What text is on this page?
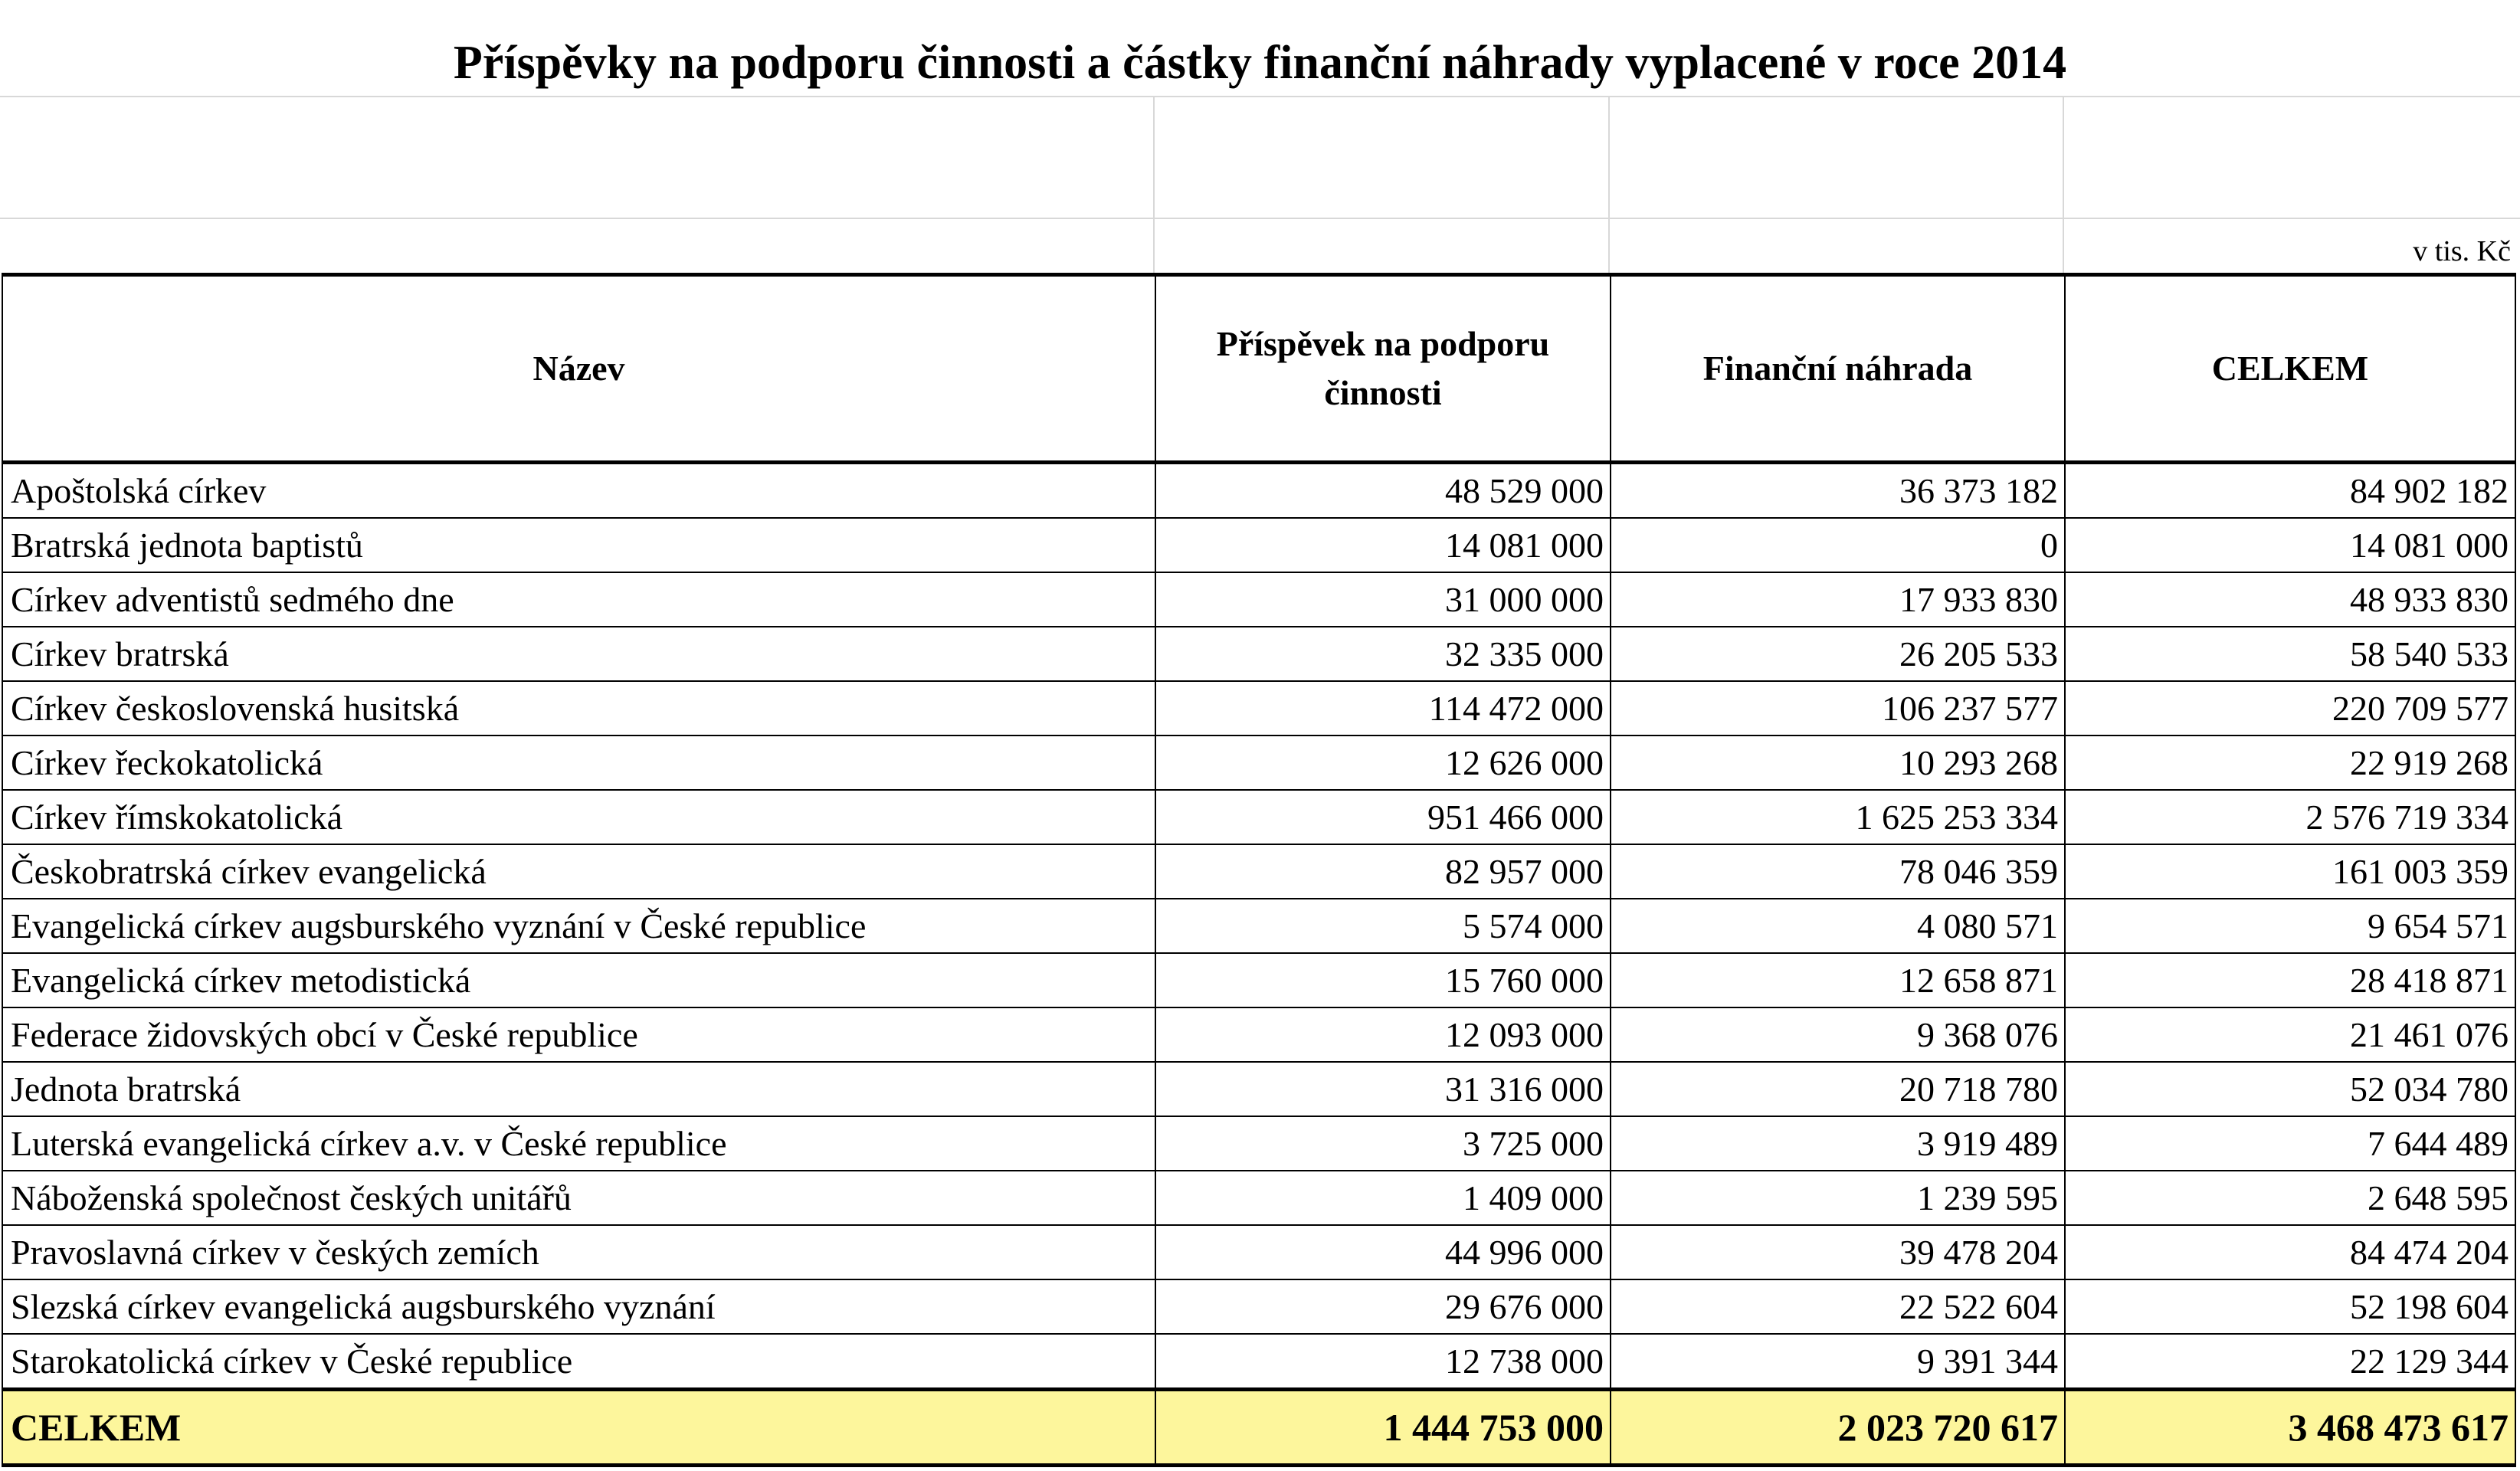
Příspěvky na podporu činnosti a částky finanční náhrady vyplacené v roce 2014
v tis. Kč
Název	Příspěvek na podporu činnosti	Finanční náhrada	CELKEM
Apoštolská církev	48 529 000	36 373 182	84 902 182
Bratrská jednota baptistů	14 081 000	0	14 081 000
Církev adventistů sedmého dne	31 000 000	17 933 830	48 933 830
Církev bratrská	32 335 000	26 205 533	58 540 533
Církev československá husitská	114 472 000	106 237 577	220 709 577
Církev řeckokatolická	12 626 000	10 293 268	22 919 268
Církev římskokatolická	951 466 000	1 625 253 334	2 576 719 334
Českobratrská církev evangelická	82 957 000	78 046 359	161 003 359
Evangelická církev augsburského vyznání v České republice	5 574 000	4 080 571	9 654 571
Evangelická církev metodistická	15 760 000	12 658 871	28 418 871
Federace židovských obcí v České republice	12 093 000	9 368 076	21 461 076
Jednota bratrská	31 316 000	20 718 780	52 034 780
Luterská evangelická církev a.v. v České republice	3 725 000	3 919 489	7 644 489
Náboženská společnost českých unitářů	1 409 000	1 239 595	2 648 595
Pravoslavná církev v českých zemích	44 996 000	39 478 204	84 474 204
Slezská církev evangelická augsburského vyznání	29 676 000	22 522 604	52 198 604
Starokatolická církev v České republice	12 738 000	9 391 344	22 129 344
CELKEM	1 444 753 000	2 023 720 617	3 468 473 617
